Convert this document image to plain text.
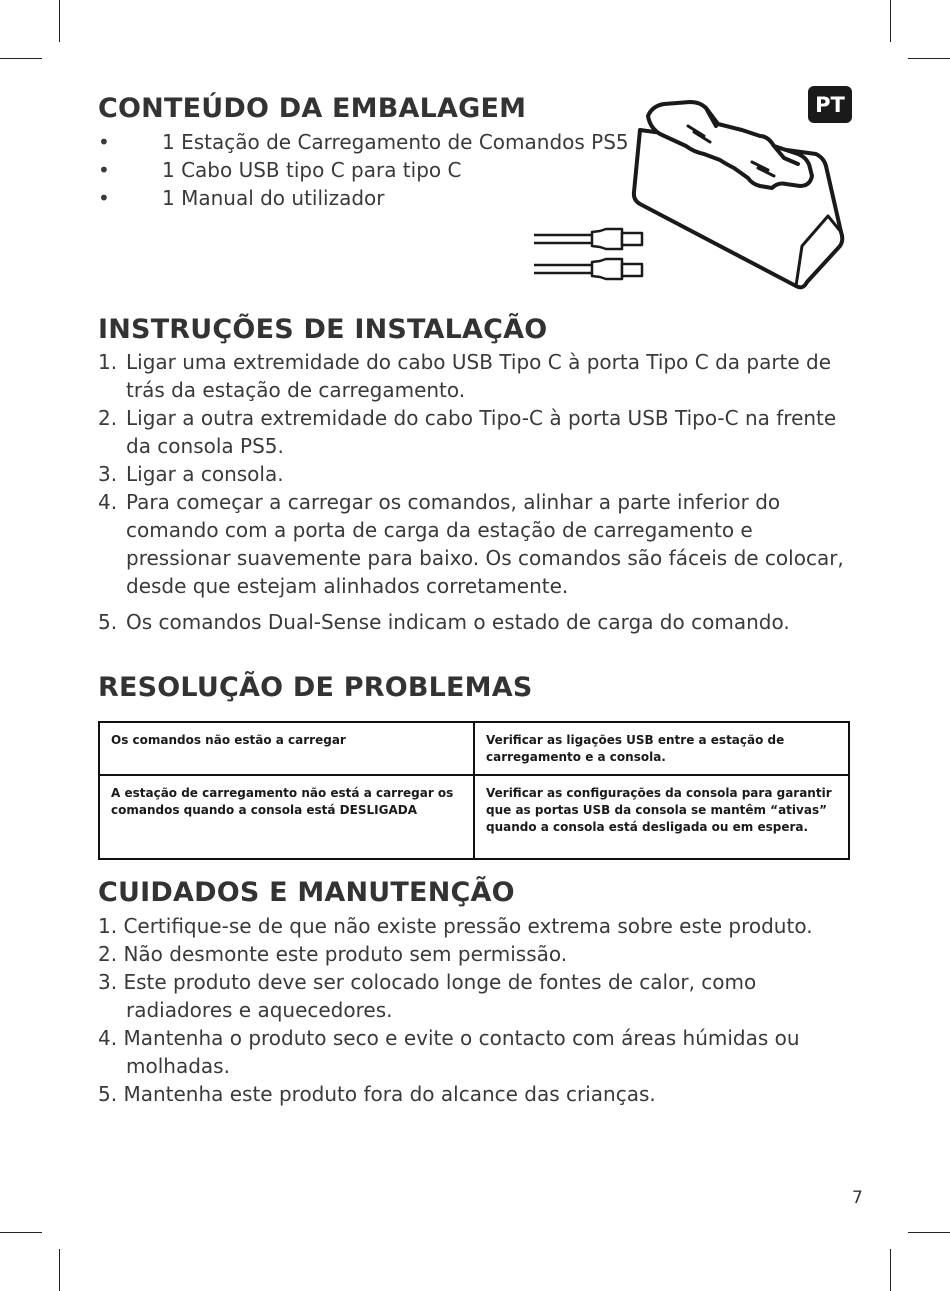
PT
CONTEÚDO DA EMBALAGEM
•	1 Estação de Carregamento de Comandos PS5
•	1 Cabo USB tipo C para tipo C
•	1 Manual do utilizador
INSTRUÇÕES DE INSTALAÇÃO
1. Ligar uma extremidade do cabo USB Tipo C à porta Tipo C da parte de trás da estação de carregamento.
2. Ligar a outra extremidade do cabo Tipo-C à porta USB Tipo-C na frente da consola PS5.
3. Ligar a consola.
4. Para começar a carregar os comandos, alinhar a parte inferior do comando com a porta de carga da estação de carregamento e pressionar suavemente para baixo. Os comandos são fáceis de colocar, desde que estejam alinhados corretamente.
5. Os comandos Dual-Sense indicam o estado de carga do comando.
RESOLUÇÃO DE PROBLEMAS
Os comandos não estão a carregar	Verificar as ligações USB entre a estação de carregamento e a consola.
A estação de carregamento não está a carregar os comandos quando a consola está DESLIGADA	Verificar as configurações da consola para garantir que as portas USB da consola se mantêm “ativas” quando a consola está desligada ou em espera.
CUIDADOS E MANUTENÇÃO
1. Certifique-se de que não existe pressão extrema sobre este produto.
2. Não desmonte este produto sem permissão.
3. Este produto deve ser colocado longe de fontes de calor, como radiadores e aquecedores.
4. Mantenha o produto seco e evite o contacto com áreas húmidas ou molhadas.
5. Mantenha este produto fora do alcance das crianças.
7
